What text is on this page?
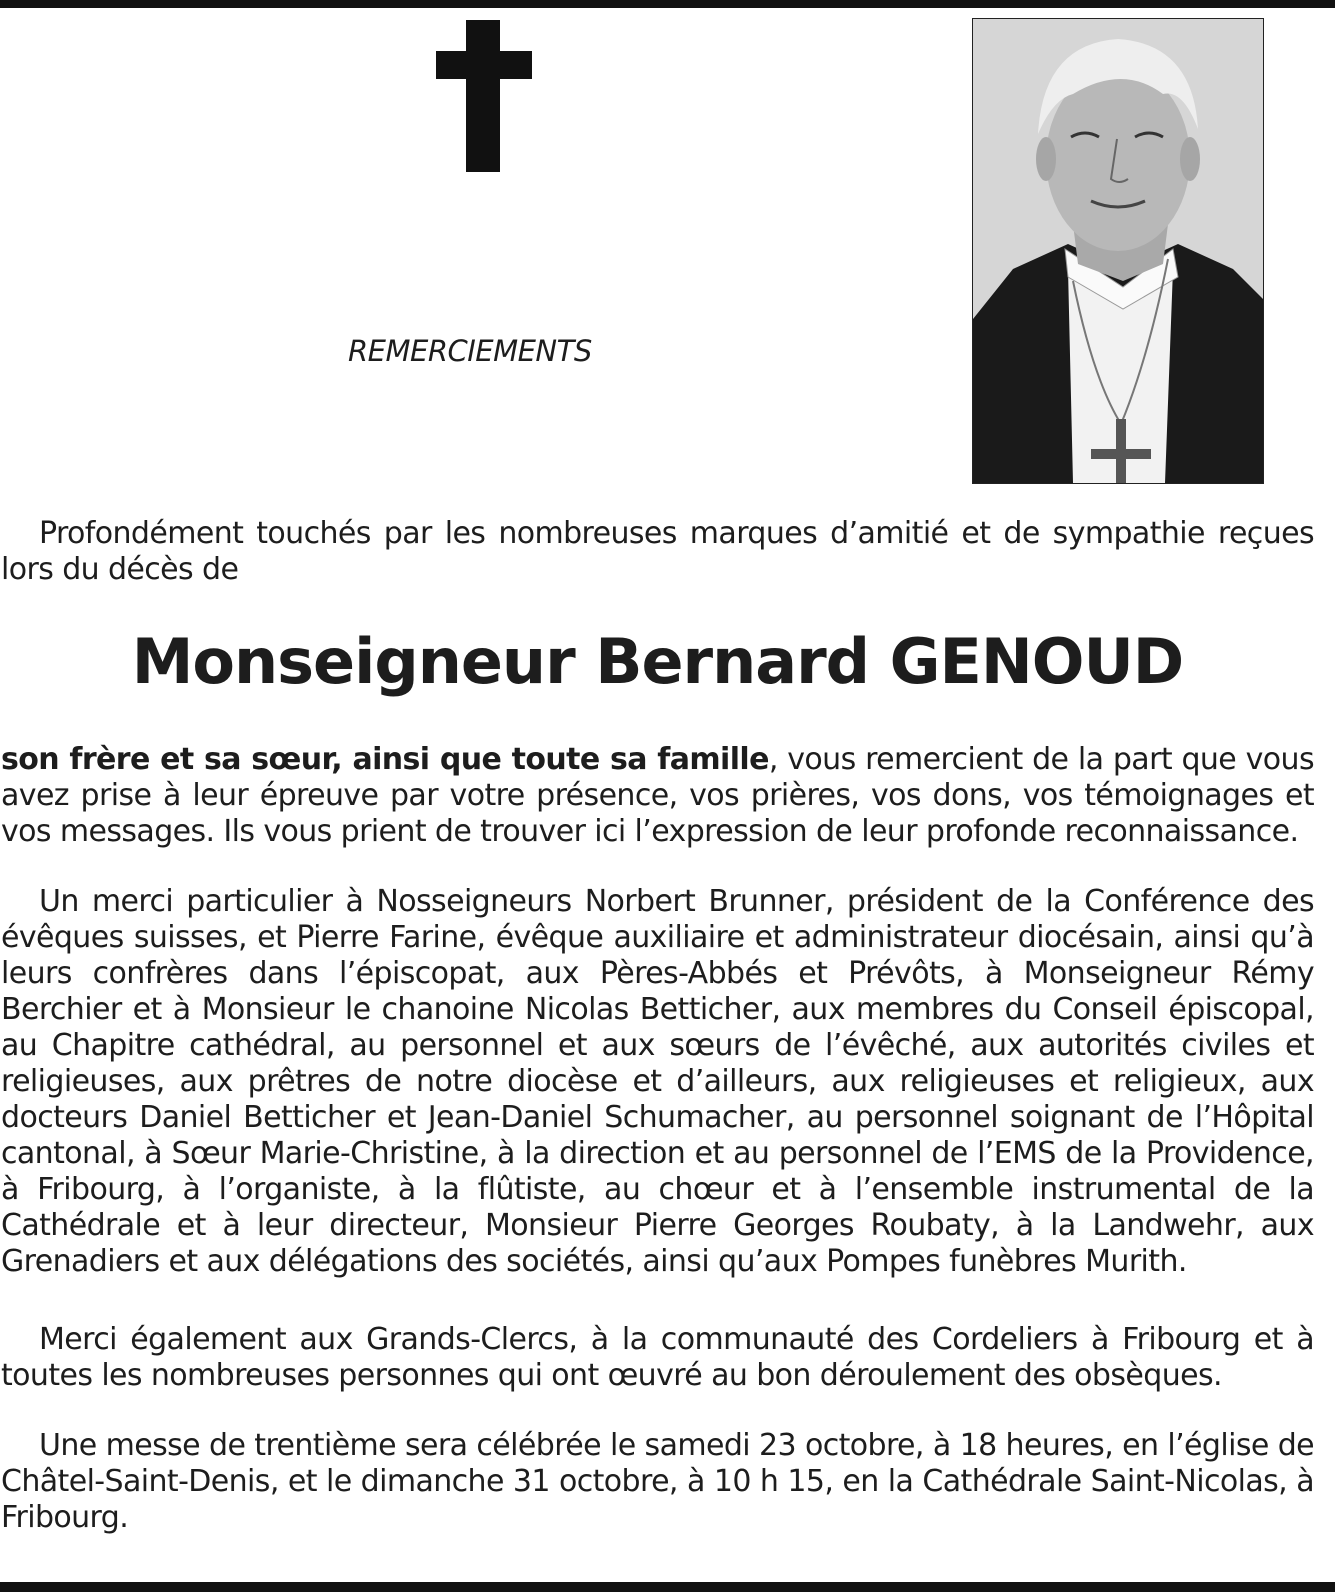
REMERCIEMENTS

Profondément touchés par les nombreuses marques d’amitié et de sympathie reçues lors du décès de

Monseigneur Bernard GENOUD

son frère et sa sœur, ainsi que toute sa famille, vous remercient de la part que vous avez prise à leur épreuve par votre présence, vos prières, vos dons, vos témoignages et vos messages. Ils vous prient de trouver ici l’expression de leur profonde reconnaissance.

Un merci particulier à Nosseigneurs Norbert Brunner, président de la Conférence des évêques suisses, et Pierre Farine, évêque auxiliaire et administrateur diocésain, ainsi qu’à leurs confrères dans l’épiscopat, aux Pères-Abbés et Prévôts, à Monseigneur Rémy Berchier et à Monsieur le chanoine Nicolas Betticher, aux membres du Conseil épiscopal, au Chapitre cathédral, au personnel et aux sœurs de l’évêché, aux autorités civiles et religieuses, aux prêtres de notre diocèse et d’ailleurs, aux religieuses et religieux, aux docteurs Daniel Betticher et Jean-Daniel Schumacher, au personnel soignant de l’Hôpital cantonal, à Sœur Marie-Christine, à la direction et au personnel de l’EMS de la Providence, à Fribourg, à l’organiste, à la flûtiste, au chœur et à l’ensemble instrumental de la Cathédrale et à leur directeur, Monsieur Pierre Georges Roubaty, à la Landwehr, aux Grenadiers et aux délégations des sociétés, ainsi qu’aux Pompes funèbres Murith.

Merci également aux Grands-Clercs, à la communauté des Cordeliers à Fribourg et à toutes les nombreuses personnes qui ont œuvré au bon déroulement des obsèques.

Une messe de trentième sera célébrée le samedi 23 octobre, à 18 heures, en l’église de Châtel-Saint-Denis, et le dimanche 31 octobre, à 10 h 15, en la Cathédrale Saint-Nicolas, à Fribourg.
